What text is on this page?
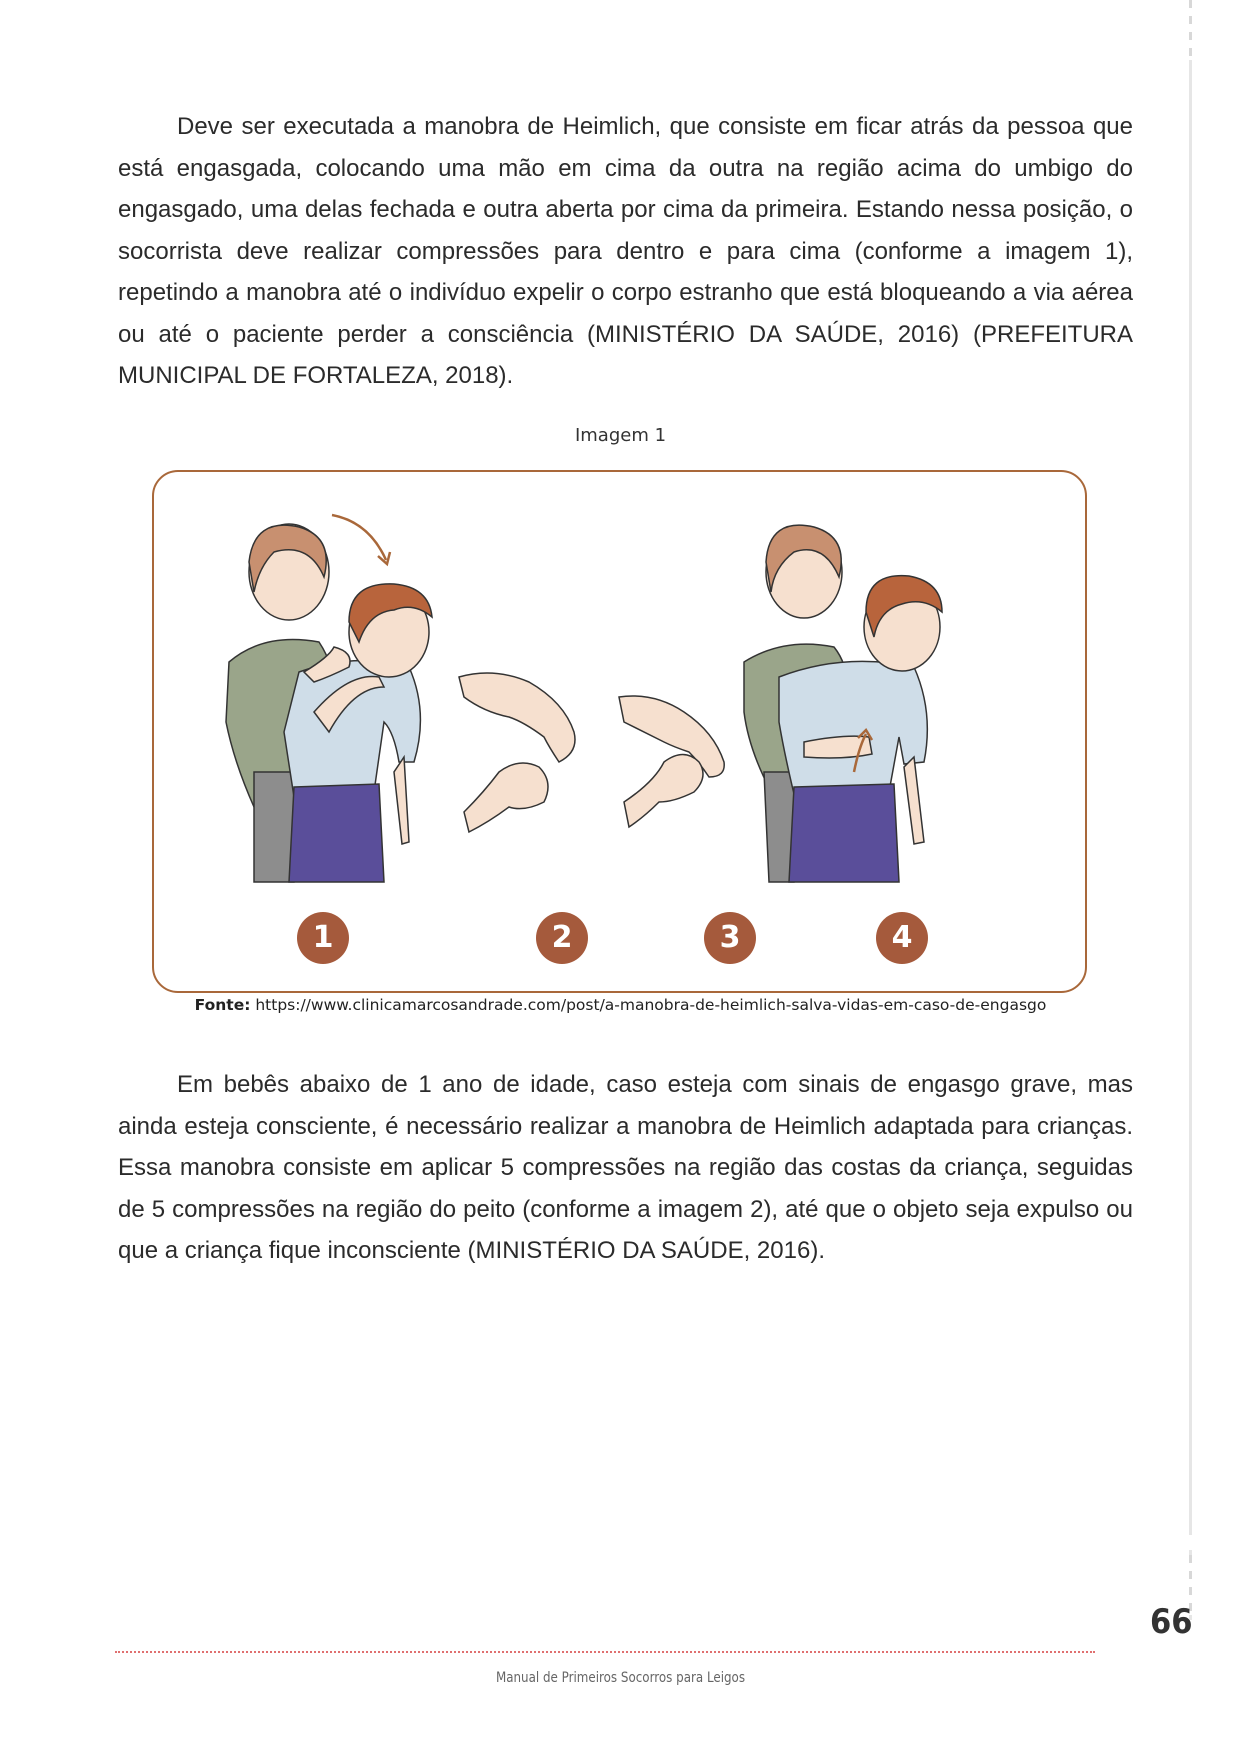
Deve ser executada a manobra de Heimlich, que consiste em ficar atrás da pessoa que está engasgada, colocando uma mão em cima da outra na região acima do umbigo do engasgado, uma delas fechada e outra aberta por cima da primeira. Estando nessa posição, o socorrista deve realizar compressões para dentro e para cima (conforme a imagem 1), repetindo a manobra até o indivíduo expelir o corpo estranho que está bloqueando a via aérea ou até o paciente perder a consciência (MINISTÉRIO DA SAÚDE, 2016) (PREFEITURA MUNICIPAL DE FORTALEZA, 2018).

Imagem 1
1	2	3	4
Fonte: https://www.clinicamarcosandrade.com/post/a-manobra-de-heimlich-salva-vidas-em-caso-de-engasgo

Em bebês abaixo de 1 ano de idade, caso esteja com sinais de engasgo grave, mas ainda esteja consciente, é necessário realizar a manobra de Heimlich adaptada para crianças. Essa manobra consiste em aplicar 5 compressões na região das costas da criança, seguidas de 5 compressões na região do peito (conforme a imagem 2), até que o objeto seja expulso ou que a criança fique inconsciente (MINISTÉRIO DA SAÚDE, 2016).

66
Manual de Primeiros Socorros para Leigos
